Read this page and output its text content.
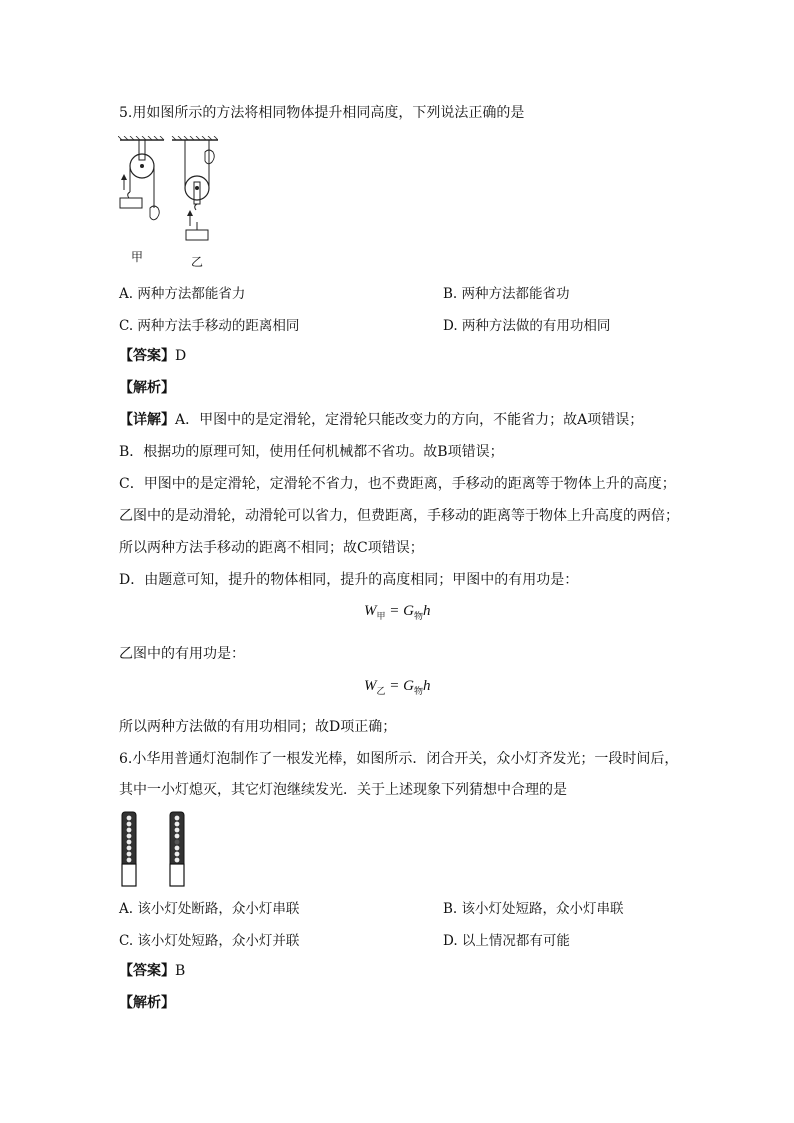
5.用如图所示的方法将相同物体提升相同高度，下列说法正确的是
甲	乙
A. 两种方法都能省力	B. 两种方法都能省功
C. 两种方法手移动的距离相同	D. 两种方法做的有用功相同
【答案】D
【解析】
【详解】A．甲图中的是定滑轮，定滑轮只能改变力的方向，不能省力；故A项错误；
B．根据功的原理可知，使用任何机械都不省功。故B项错误；
C．甲图中的是定滑轮，定滑轮不省力，也不费距离，手移动的距离等于物体上升的高度；
乙图中的是动滑轮，动滑轮可以省力，但费距离，手移动的距离等于物体上升高度的两倍；
所以两种方法手移动的距离不相同；故C项错误；
D．由题意可知，提升的物体相同，提升的高度相同；甲图中的有用功是：
$W_甲 = G_物h$
乙图中的有用功是：
$W_乙 = G_物h$
所以两种方法做的有用功相同；故D项正确；
6.小华用普通灯泡制作了一根发光棒，如图所示．闭合开关，众小灯齐发光；一段时间后，
其中一小灯熄灭，其它灯泡继续发光．关于上述现象下列猜想中合理的是
A. 该小灯处断路，众小灯串联	B. 该小灯处短路，众小灯串联
C. 该小灯处短路，众小灯并联	D. 以上情况都有可能
【答案】B
【解析】
